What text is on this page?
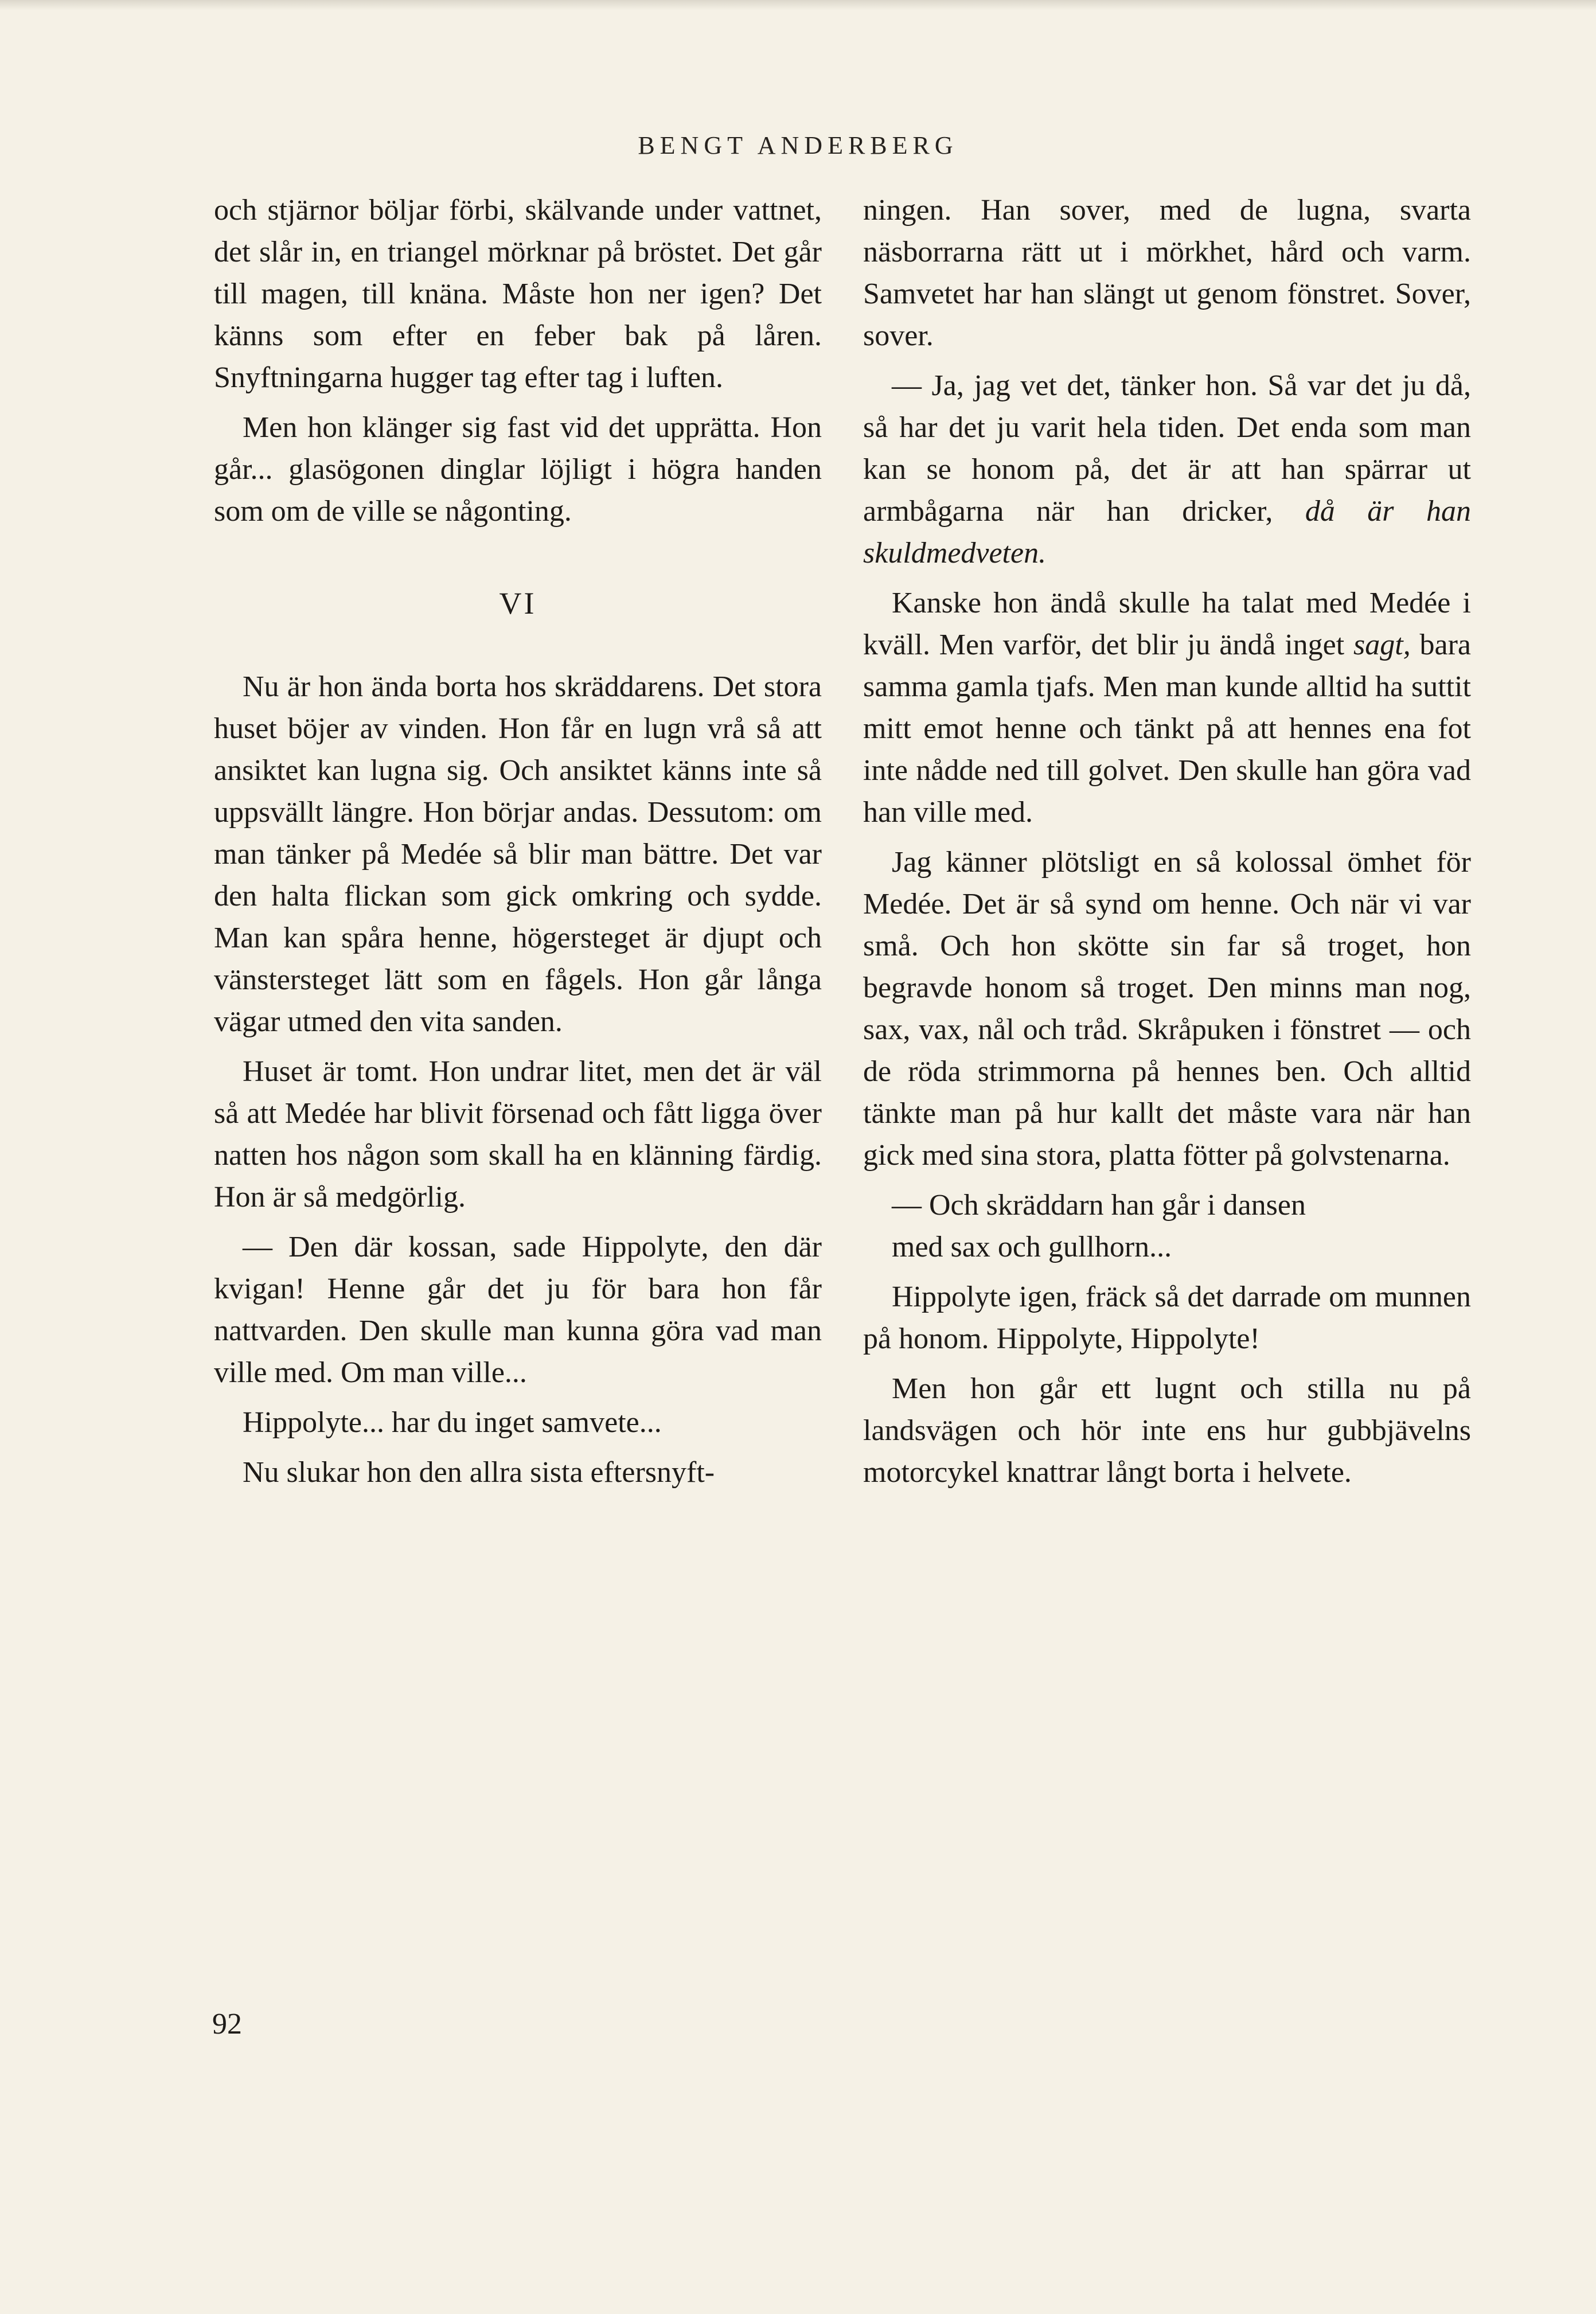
BENGT ANDERBERG

och stjärnor böljar förbi, skälvande under vattnet, det slår in, en triangel mörknar på bröstet. Det går till magen, till knäna. Måste hon ner igen? Det känns som efter en feber bak på låren. Snyftningarna hugger tag efter tag i luften.

Men hon klänger sig fast vid det upprätta. Hon går... glasögonen dinglar löjligt i högra handen som om de ville se någonting.

VI

Nu är hon ända borta hos skräddarens. Det stora huset böjer av vinden. Hon får en lugn vrå så att ansiktet kan lugna sig. Och ansiktet känns inte så uppsvällt längre. Hon börjar andas. Dessutom: om man tänker på Medée så blir man bättre. Det var den halta flickan som gick omkring och sydde. Man kan spåra henne, högersteget är djupt och vänstersteget lätt som en fågels. Hon går långa vägar utmed den vita sanden.

Huset är tomt. Hon undrar litet, men det är väl så att Medée har blivit försenad och fått ligga över natten hos någon som skall ha en klänning färdig. Hon är så medgörlig.

— Den där kossan, sade Hippolyte, den där kvigan! Henne går det ju för bara hon får nattvarden. Den skulle man kunna göra vad man ville med. Om man ville...

Hippolyte... har du inget samvete...

Nu slukar hon den allra sista eftersnyft-

ningen. Han sover, med de lugna, svarta näsborrarna rätt ut i mörkhet, hård och varm. Samvetet har han slängt ut genom fönstret. Sover, sover.

— Ja, jag vet det, tänker hon. Så var det ju då, så har det ju varit hela tiden. Det enda som man kan se honom på, det är att han spärrar ut armbågarna när han dricker, då är han skuldmedveten.

Kanske hon ändå skulle ha talat med Medée i kväll. Men varför, det blir ju ändå inget sagt, bara samma gamla tjafs. Men man kunde alltid ha suttit mitt emot henne och tänkt på att hennes ena fot inte nådde ned till golvet. Den skulle han göra vad han ville med.

Jag känner plötsligt en så kolossal ömhet för Medée. Det är så synd om henne. Och när vi var små. Och hon skötte sin far så troget, hon begravde honom så troget. Den minns man nog, sax, vax, nål och tråd. Skråpuken i fönstret — och de röda strimmorna på hennes ben. Och alltid tänkte man på hur kallt det måste vara när han gick med sina stora, platta fötter på golvstenarna.

— Och skräddarn han går i dansen
med sax och gullhorn...

Hippolyte igen, fräck så det darrade om munnen på honom. Hippolyte, Hippolyte!

Men hon går ett lugnt och stilla nu på landsvägen och hör inte ens hur gubbjävelns motorcykel knattrar långt borta i helvete.

92
